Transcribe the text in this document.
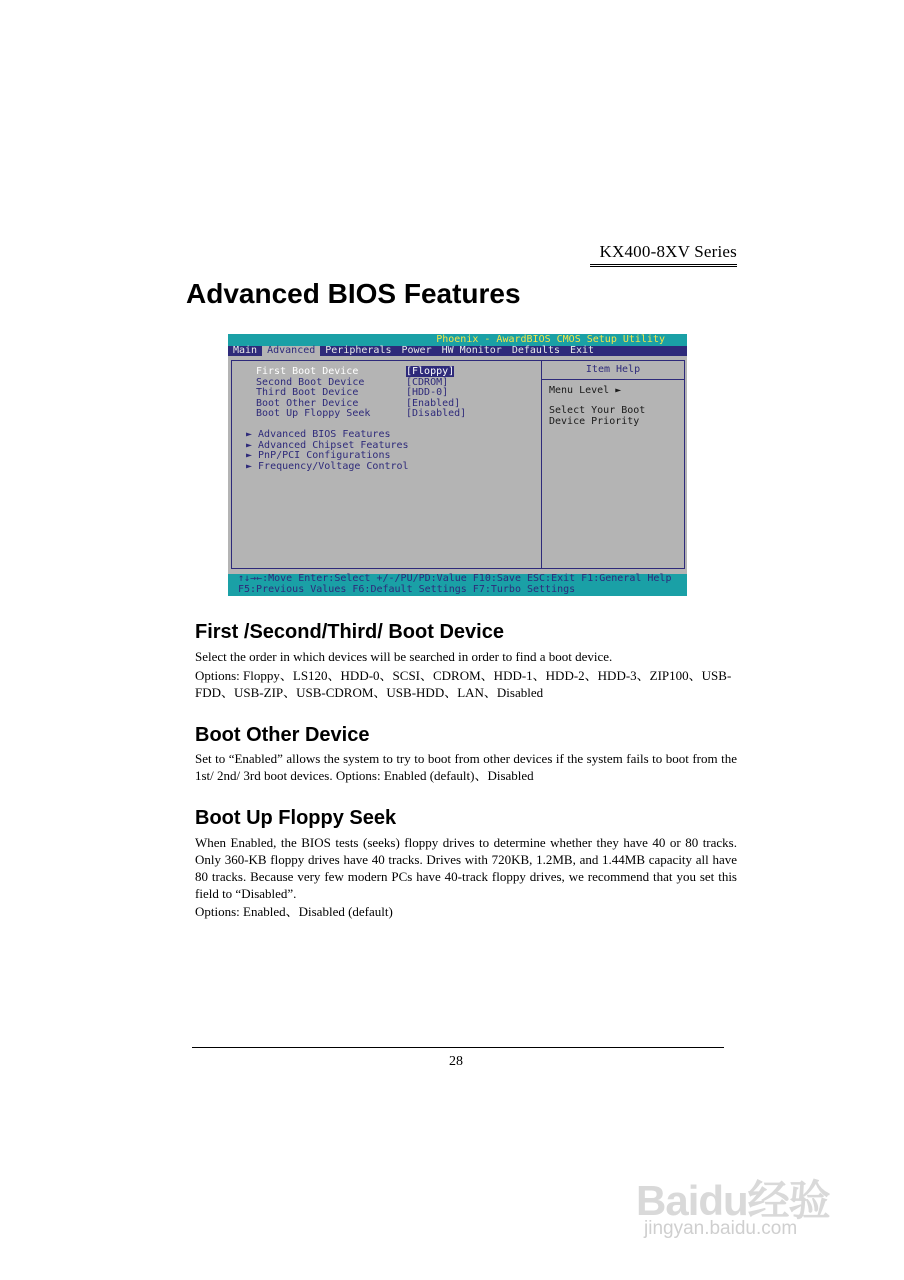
KX400-8XV Series
Advanced BIOS Features
Phoenix - AwardBIOS CMOS Setup Utility
Main Advanced Peripherals Power HW Monitor Defaults Exit
First Boot Device	[Floppy]
Second Boot Device	[CDROM]
Third Boot Device	[HDD-0]
Boot Other Device	[Enabled]
Boot Up Floppy Seek	[Disabled]
► Advanced BIOS Features
► Advanced Chipset Features
► PnP/PCI Configurations
► Frequency/Voltage Control
Item Help
Menu Level ►
Select Your Boot
Device Priority
↑↓→←:Move Enter:Select +/-/PU/PD:Value F10:Save ESC:Exit F1:General Help
F5:Previous Values F6:Default Settings F7:Turbo Settings
First /Second/Third/ Boot Device

Select the order in which devices will be searched in order to find a boot device.

Options: Floppy、LS120、HDD-0、SCSI、CDROM、HDD-1、HDD-2、HDD-3、ZIP100、USB-FDD、USB-ZIP、USB-CDROM、USB-HDD、LAN、Disabled

Boot Other Device

Set to “Enabled” allows the system to try to boot from other devices if the system fails to boot from the 1st/ 2nd/ 3rd boot devices. Options: Enabled (default)、Disabled

Boot Up Floppy Seek

When Enabled, the BIOS tests (seeks) floppy drives to determine whether they have 40 or 80 tracks. Only 360-KB floppy drives have 40 tracks. Drives with 720KB, 1.2MB, and 1.44MB capacity all have 80 tracks. Because very few modern PCs have 40-track floppy drives, we recommend that you set this field to “Disabled”.

Options: Enabled、Disabled (default)

28
Baidu经验
jingyan.baidu.com
